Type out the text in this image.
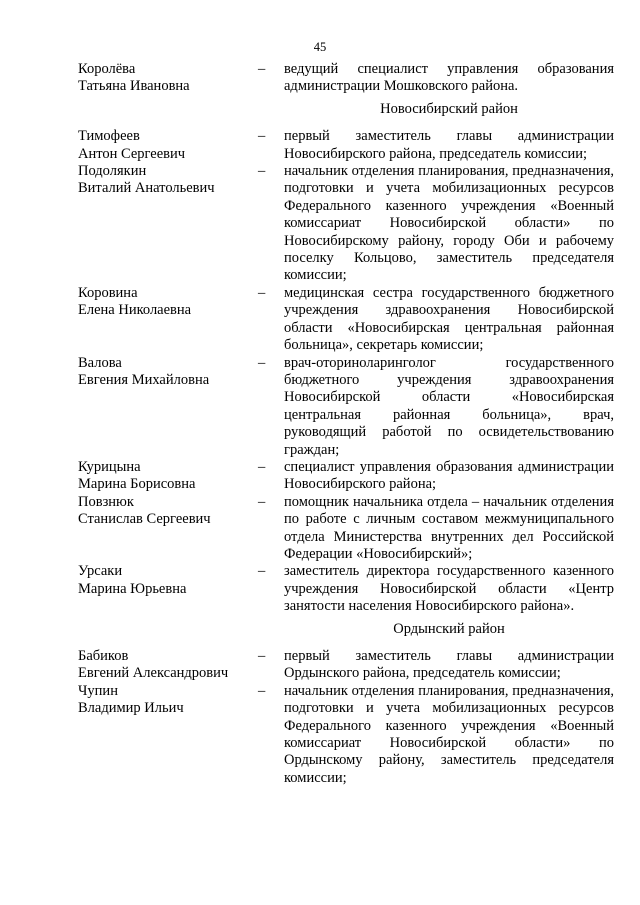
45
Королёва
Татьяна Ивановна
–	ведущий специалист управления образования администрации Мошковского района.
Новосибирский район
Тимофеев
Антон Сергеевич
–	первый заместитель главы администрации Новосибирского района, председатель комиссии;
Подолякин
Виталий Анатольевич
–	начальник отделения планирования, предназначения, подготовки и учета мобилизационных ресурсов Федерального казенного учреждения «Военный комиссариат Новосибирской области» по Новосибирскому району, городу Оби и рабочему поселку Кольцово, заместитель председателя комиссии;
Коровина
Елена Николаевна
–	медицинская сестра государственного бюджетного учреждения здравоохранения Новосибирской области «Новосибирская центральная районная больница», секретарь комиссии;
Валова
Евгения Михайловна
–	врач-оториноларинголог государственного бюджетного учреждения здравоохранения Новосибирской области «Новосибирская центральная районная больница», врач, руководящий работой по освидетельствованию граждан;
Курицына
Марина Борисовна
–	специалист управления образования администрации Новосибирского района;
Повзнюк
Станислав Сергеевич
–	помощник начальника отдела – начальник отделения по работе с личным составом межмуниципального отдела Министерства внутренних дел Российской Федерации «Новосибирский»;
Урсаки
Марина Юрьевна
–	заместитель директора государственного казенного учреждения Новосибирской области «Центр занятости населения Новосибирского района».
Ордынский район
Бабиков
Евгений Александрович
–	первый заместитель главы администрации Ордынского района, председатель комиссии;
Чупин
Владимир Ильич
–	начальник отделения планирования, предназначения, подготовки и учета мобилизационных ресурсов Федерального казенного учреждения «Военный комиссариат Новосибирской области» по Ордынскому району, заместитель председателя комиссии;
